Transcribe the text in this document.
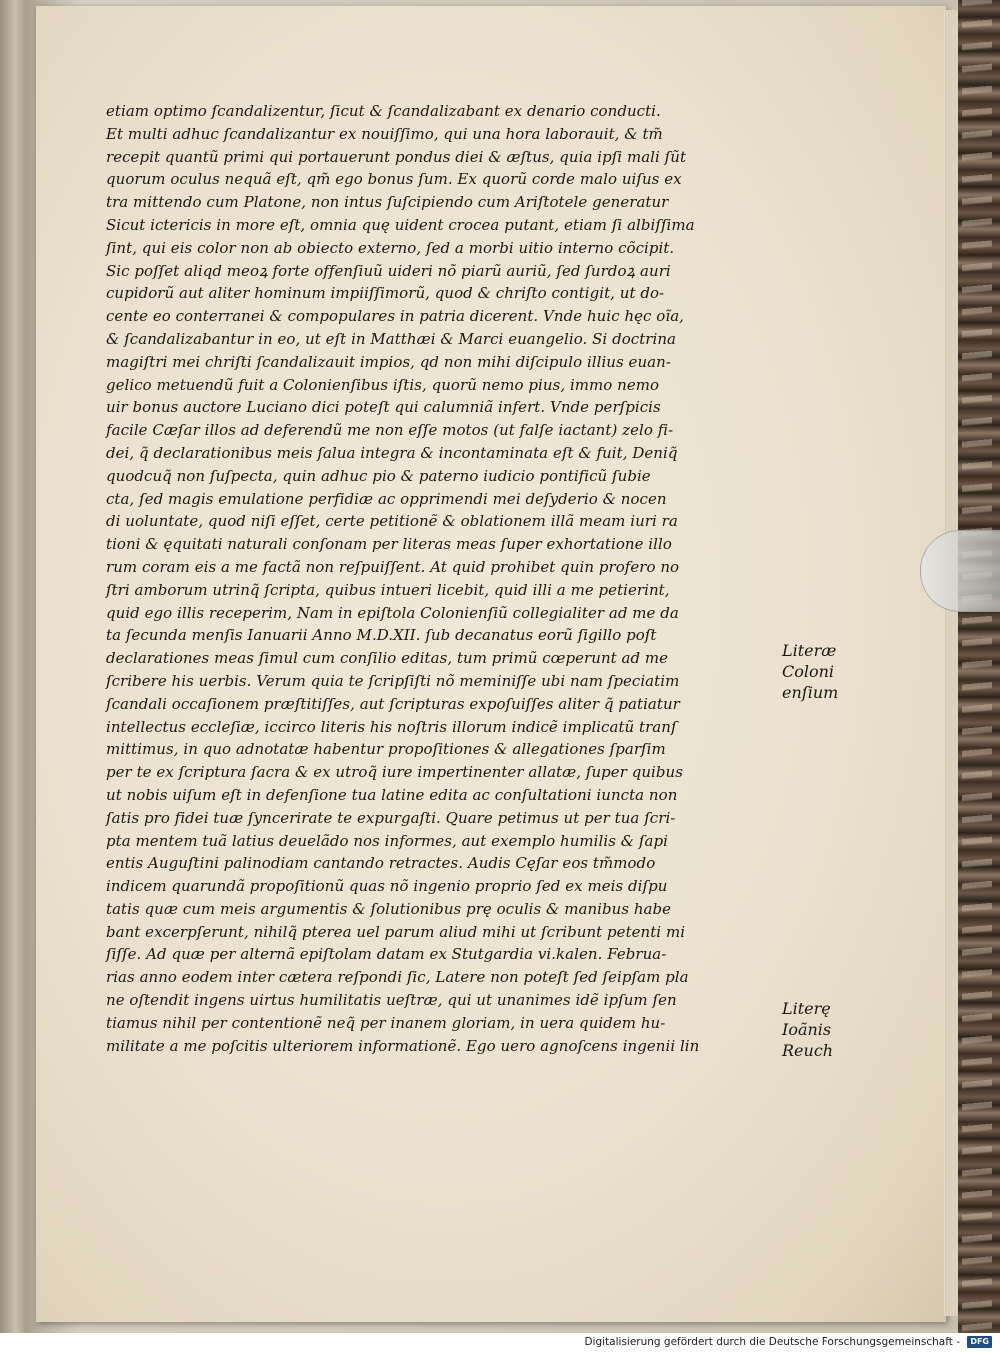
etiam optimo ſcandalizentur, ſicut & ſcandalizabant ex denario conducti.
Et multi adhuc ſcandalizantur ex nouiſſimo, qui una hora laborauit, & tm̃
recepit quantũ primi qui portauerunt pondus diei & æſtus, quia ipſi mali ſũt
quorum oculus nequã eſt, qm̃ ego bonus ſum. Ex quorũ corde malo uiſus ex
tra mittendo cum Platone, non intus ſuſcipiendo cum Ariſtotele generatur
Sicut ictericis in more eſt, omnia quę uident crocea putant, etiam ſi albiſſima
ſint, qui eis color non ab obiecto externo, ſed a morbi uitio interno cõcipit.
Sic poſſet aliqd meoꝝ forte offenſiuũ uideri nõ piarũ auriũ, ſed ſurdoꝝ auri
cupidorũ aut aliter hominum impiiſſimorũ, quod & chriſto contigit, ut do-
cente eo conterranei & compopulares in patria dicerent. Vnde huic hęc oĩa,
& ſcandalizabantur in eo, ut eſt in Matthæi & Marci euangelio. Si doctrina
magiſtri mei chriſti ſcandalizauit impios, qd non mihi diſcipulo illius euan-
gelico metuendũ fuit a Colonienſibus iſtis, quorũ nemo pius, immo nemo
uir bonus auctore Luciano dici poteſt qui calumniã infert. Vnde perſpicis
facile Cæſar illos ad deferendũ me non eſſe motos (ut falſe iactant) zelo fi-
dei, q̃ declarationibus meis ſalua integra & incontaminata eſt & fuit, Deniq̃
quodcuq̃ non ſuſpecta, quin adhuc pio & paterno iudicio pontificũ ſubie
cta, ſed magis emulatione perfidiæ ac opprimendi mei deſyderio & nocen
di uoluntate, quod niſi eſſet, certe petitionẽ & oblationem illã meam iuri ra
tioni & ęquitati naturali conſonam per literas meas ſuper exhortatione illo
rum coram eis a me factã non reſpuiſſent. At quid prohibet quin profero no
ſtri amborum utrinq̃ ſcripta, quibus intueri licebit, quid illi a me petierint,
quid ego illis receperim, Nam in epiſtola Colonienſiũ collegialiter ad me da
ta ſecunda menſis Ianuarii Anno M.D.XII. ſub decanatus eorũ ſigillo poſt
declarationes meas ſimul cum conſilio editas, tum primũ cœperunt ad me
ſcribere his uerbis. Verum quia te ſcripſiſti nõ meminiſſe ubi nam ſpeciatim
ſcandali occaſionem præſtitiſſes, aut ſcripturas expoſuiſſes aliter q̃ patiatur
intellectus eccleſiæ, iccirco literis his noſtris illorum indicẽ implicatũ tranſ
mittimus, in quo adnotatæ habentur propoſitiones & allegationes ſparſim
per te ex ſcriptura ſacra & ex utroq̃ iure impertinenter allatæ, ſuper quibus
ut nobis uiſum eſt in defenſione tua latine edita ac conſultationi iuncta non
ſatis pro fidei tuæ ſyncerirate te expurgaſti. Quare petimus ut per tua ſcri-
pta mentem tuã latius deuelãdo nos informes, aut exemplo humilis & ſapi
entis Auguſtini palinodiam cantando retractes. Audis Cęſar eos tm̃modo
indicem quarundã propoſitionũ quas nõ ingenio proprio ſed ex meis diſpu
tatis quæ cum meis argumentis & ſolutionibus prę oculis & manibus habe
bant excerpſerunt, nihilq̃ pterea uel parum aliud mihi ut ſcribunt petenti mi
ſiſſe. Ad quæ per alternã epiſtolam datam ex Stutgardia vi.kalen. Februa-
rias anno eodem inter cætera reſpondi ſic, Latere non poteſt ſed ſeipſam pla
ne oſtendit ingens uirtus humilitatis ueſtræ, qui ut unanimes idẽ ipſum ſen
tiamus nihil per contentionẽ neq̃ per inanem gloriam, in uera quidem hu-
militate a me poſcitis ulteriorem informationẽ. Ego uero agnoſcens ingenii lin
Literæ
Coloni
enſium
Literę
Ioãnis
Reuch
Digitalisierung gefördert durch die Deutsche Forschungsgemeinschaft - DFG
